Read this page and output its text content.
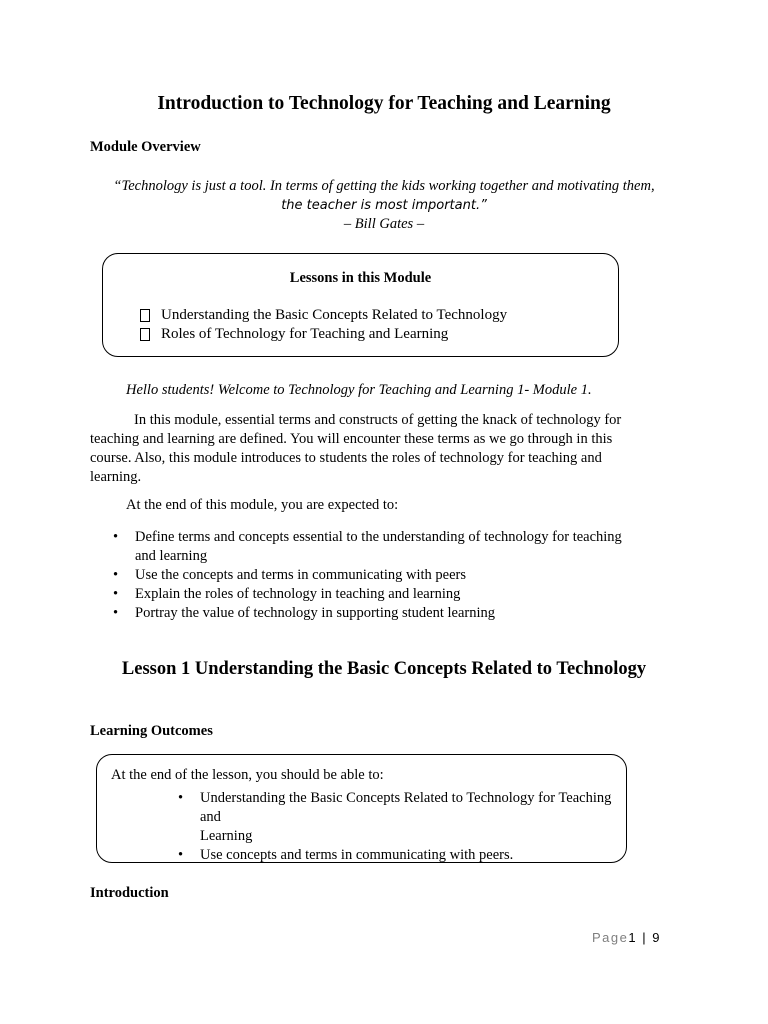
Introduction to Technology for Teaching and Learning
Module Overview
“Technology is just a tool. In terms of getting the kids working together and motivating them,
the teacher is most important.”
– Bill Gates –
Lessons in this Module
Understanding the Basic Concepts Related to Technology
Roles of Technology for Teaching and Learning
Hello students! Welcome to Technology for Teaching and Learning 1- Module 1.
In this module, essential terms and constructs of getting the knack of technology for
teaching and learning are defined. You will encounter these terms as we go through in this
course. Also, this module introduces to students the roles of technology for teaching and
learning.
At the end of this module, you are expected to:
• Define terms and concepts essential to the understanding of technology for teaching
and learning
• Use the concepts and terms in communicating with peers
• Explain the roles of technology in teaching and learning
• Portray the value of technology in supporting student learning
Lesson 1 Understanding the Basic Concepts Related to Technology
Learning Outcomes
At the end of the lesson, you should be able to:
• Understanding the Basic Concepts Related to Technology for Teaching and
Learning
• Use concepts and terms in communicating with peers.
Introduction
Page1 | 9
